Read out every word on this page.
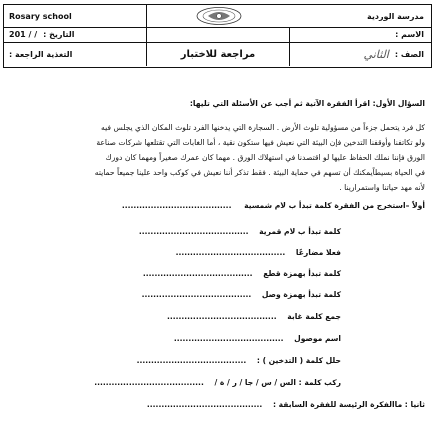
Rosary school	مدرسة الوردية
201 / / التاريخ :	الاسم :
التغذية الراجعة :	مراجعة للاختبار	الصف :
الثاني
السؤال الأول: اقرأ الفقرة الآتية ثم أجب عن الأسئلة التي تليها:
كل فرد يتحمل جزءاً من مسؤولية تلوث الأرض . السجارة التي يدخنها الفرد تلوث المكان الذي يجلس فيه
ولو تكاتفنا وأوقفنا التدخين فإن البيئة التي نعيش فيها ستكون نقية ، أما الغابات التي تقتلعها شركات صناعة
الورق فإننا نملك الحفاظ عليها لو اقتصدنا في استهلاك الورق . مهما كان عمرك صغيراً ومهما كان دورك
في الحياة بسيطاًيمكنك أن تسهم في حماية البيئة . فقط تذكر أننا نعيش في كوكب واحد علينا جميعاً حمايته
لأنه مهد حياتنا واستمرارينا .
أولاً –استخرج من الفقرة كلمة تبدأ ب لام شمسية ......................................
كلمة تبدأ ب لام قمرية ......................................
فعلا مضارعًا ......................................
كلمة تبدأ بهمزة قطع ......................................
كلمة تبدأ بهمزة وصل ......................................
جمع كلمة غابة ......................................
اسم موصول ......................................
حلل كلمة ( التدخين ) : ......................................
ركب كلمة : الس / س / جا / ر / ة / ......................................
ثانيا : ماالفكرة الرئيسة للفقرة السابقة : ........................................
